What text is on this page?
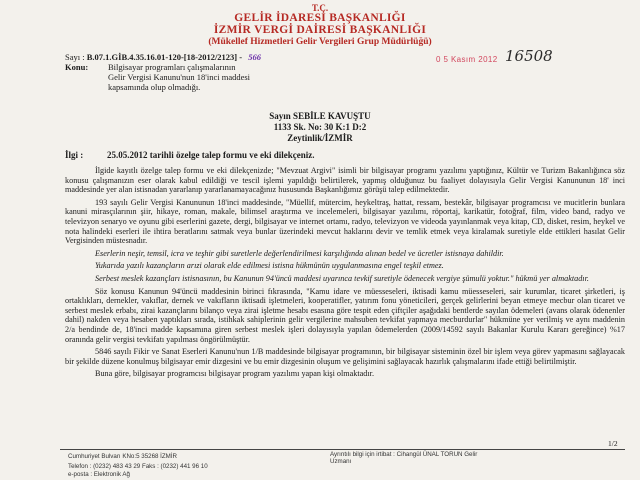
T.C.
GELİR İDARESİ BAŞKANLIĞI
İZMİR VERGİ DAİRESİ BAŞKANLIĞI
(Mükellef Hizmetleri Gelir Vergileri Grup Müdürlüğü)
0 5 Kasım 2012 16508
Sayı : B.07.1.GİB.4.35.16.01-120-[18-2012/2123] - 566
Konu: Bilgisayar programları çalışmalarının
Gelir Vergisi Kanunu'nun 18'inci maddesi
kapsamında olup olmadığı.
Sayın SEBİLE KAVUŞTU
1133 Sk. No: 30 K:1 D:2
Zeytinlik/İZMİR
İlgi :	25.05.2012 tarihli özelge talep formu ve eki dilekçeniz.

İlgide kayıtlı özelge talep formu ve eki dilekçenizde; "Mevzuat Argivi" isimli bir bilgisayar programı yazılımı yaptığınız, Kültür ve Turizm Bakanlığınca söz konusu çalışmanızın eser olarak kabul edildiği ve tescil işlemi yapıldığı belirtilerek, yapmış olduğunuz bu faaliyet dolayısıyla Gelir Vergisi Kanununun 18' inci maddesinde yer alan istisnadan yararlanıp yararlanamayacağınız hususunda Başkanlığımız görüşü talep edilmektedir.

193 sayılı Gelir Vergisi Kanununun 18'inci maddesinde, "Müellif, mütercim, heykeltraş, hattat, ressam, bestekâr, bilgisayar programcısı ve mucitlerin bunlara kanuni mirasçılarının şiir, hikaye, roman, makale, bilimsel araştırma ve incelemeleri, bilgisayar yazılımı, röportaj, karikatür, fotoğraf, film, video band, radyo ve televizyon senaryo ve oyunu gibi eserlerini gazete, dergi, bilgisayar ve internet ortamı, radyo, televizyon ve videoda yayınlanmak veya kitap, CD, disket, resim, heykel ve nota halindeki eserleri ile ihtira beratlarını satmak veya bunlar üzerindeki mevcut haklarını devir ve temlik etmek veya kiralamak suretiyle elde ettikleri hasılat Gelir Vergisinden müstesnadır.

Eserlerin neşir, temsil, icra ve teşhir gibi suretlerle değerlendirilmesi karşılığında alınan bedel ve ücretler istisnaya dahildir.

Yukarıda yazılı kazançların arızi olarak elde edilmesi istisna hükmünün uygulanmasına engel teşkil etmez.

Serbest meslek kazançları istisnasının, bu Kanunun 94'üncü maddesi uyarınca tevkif suretiyle ödenecek vergiye şümulü yoktur." hükmü yer almaktadır.

Söz konusu Kanunun 94'üncü maddesinin birinci fıkrasında, "Kamu idare ve müesseseleri, iktisadi kamu müesseseleri, sair kurumlar, ticaret şirketleri, iş ortaklıkları, dernekler, vakıflar, dernek ve vakıfların iktisadi işletmeleri, kooperatifler, yatırım fonu yöneticileri, gerçek gelirlerini beyan etmeye mecbur olan ticaret ve serbest meslek erbabı, zirai kazançlarını bilanço veya zirai işletme hesabı esasına göre tespit eden çiftçiler aşağıdaki bentlerde sayılan ödemeleri (avans olarak ödenenler dahil) nakden veya hesaben yaptıkları sırada, istihkak sahiplerinin gelir vergilerine mahsuben tevkifat yapmaya mecburdurlar" hükmüne yer verilmiş ve aynı maddenin 2/a bendinde de, 18'inci madde kapsamına giren serbest meslek işleri dolayısıyla yapılan ödemelerden (2009/14592 sayılı Bakanlar Kurulu Kararı gereğince) %17 oranında gelir vergisi tevkifatı yapılması öngörülmüştür.

5846 sayılı Fikir ve Sanat Eserleri Kanunu'nun 1/B maddesinde bilgisayar programının, bir bilgisayar sisteminin özel bir işlem veya görev yapmasını sağlayacak bir şekilde düzene konulmuş bilgisayar emir dizgesini ve bu emir dizgesinin oluşum ve gelişimini sağlayacak hazırlık çalışmalarını ifade ettiği belirtilmiştir.

Buna göre, bilgisayar programcısı bilgisayar program yazılımı yapan kişi olmaktadır.

1/2
Cumhuriyet Bulvarı KNo:5 35268 İZMİR
Telefon : (0232) 483 43 29 Faks : (0232) 441 96 10
e-posta : Elektronik Ağ
Ayrıntılı bilgi için irtibat : Cihangül ÜNAL TORUN Gelir
Uzmanı
